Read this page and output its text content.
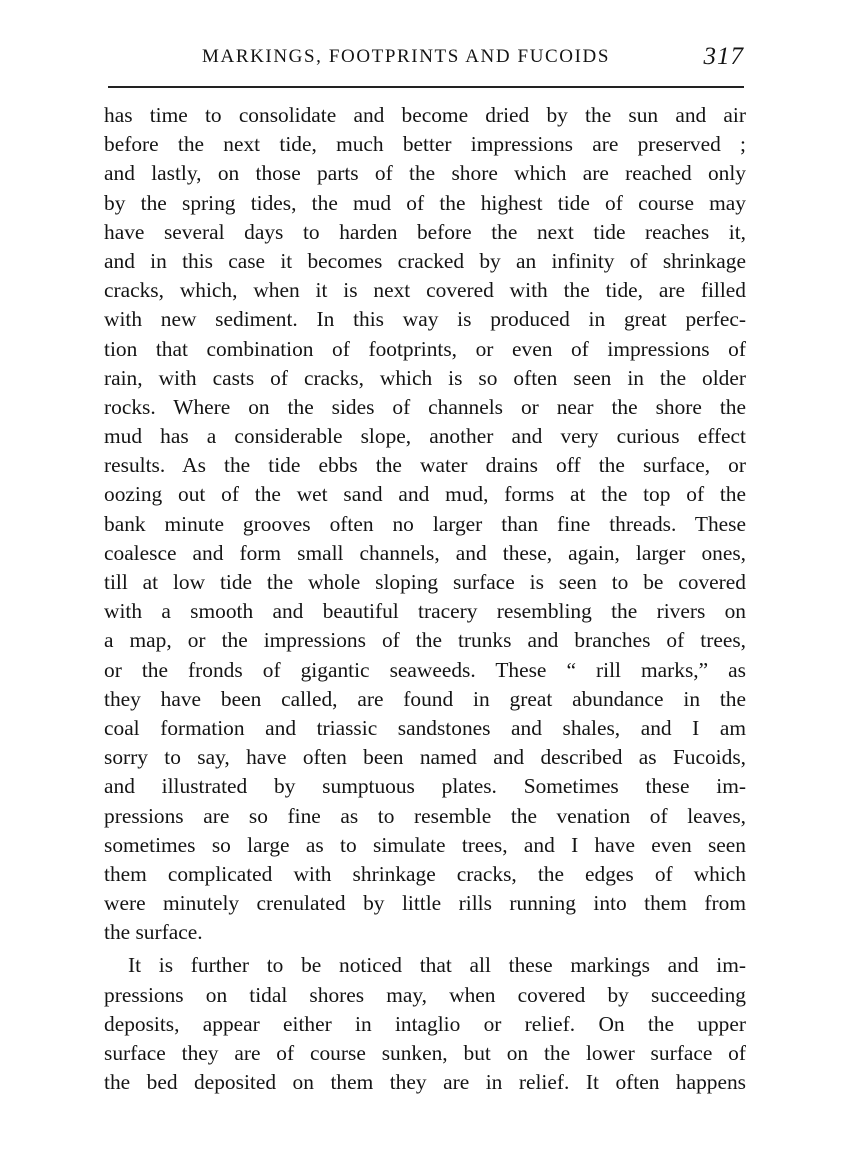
MARKINGS, FOOTPRINTS AND FUCOIDS	317
has time to consolidate and become dried by the sun and air
before the next tide, much better impressions are preserved ;
and lastly, on those parts of the shore which are reached only
by the spring tides, the mud of the highest tide of course may
have several days to harden before the next tide reaches it,
and in this case it becomes cracked by an infinity of shrinkage
cracks, which, when it is next covered with the tide, are filled
with new sediment. In this way is produced in great perfec-
tion that combination of footprints, or even of impressions of
rain, with casts of cracks, which is so often seen in the older
rocks. Where on the sides of channels or near the shore the
mud has a considerable slope, another and very curious effect
results. As the tide ebbs the water drains off the surface, or
oozing out of the wet sand and mud, forms at the top of the
bank minute grooves often no larger than fine threads. These
coalesce and form small channels, and these, again, larger ones,
till at low tide the whole sloping surface is seen to be covered
with a smooth and beautiful tracery resembling the rivers on
a map, or the impressions of the trunks and branches of trees,
or the fronds of gigantic seaweeds. These “ rill marks,” as
they have been called, are found in great abundance in the
coal formation and triassic sandstones and shales, and I am
sorry to say, have often been named and described as Fucoids,
and illustrated by sumptuous plates. Sometimes these im-
pressions are so fine as to resemble the venation of leaves,
sometimes so large as to simulate trees, and I have even seen
them complicated with shrinkage cracks, the edges of which
were minutely crenulated by little rills running into them from
the surface.
It is further to be noticed that all these markings and im-
pressions on tidal shores may, when covered by succeeding
deposits, appear either in intaglio or relief. On the upper
surface they are of course sunken, but on the lower surface of
the bed deposited on them they are in relief. It often happens
